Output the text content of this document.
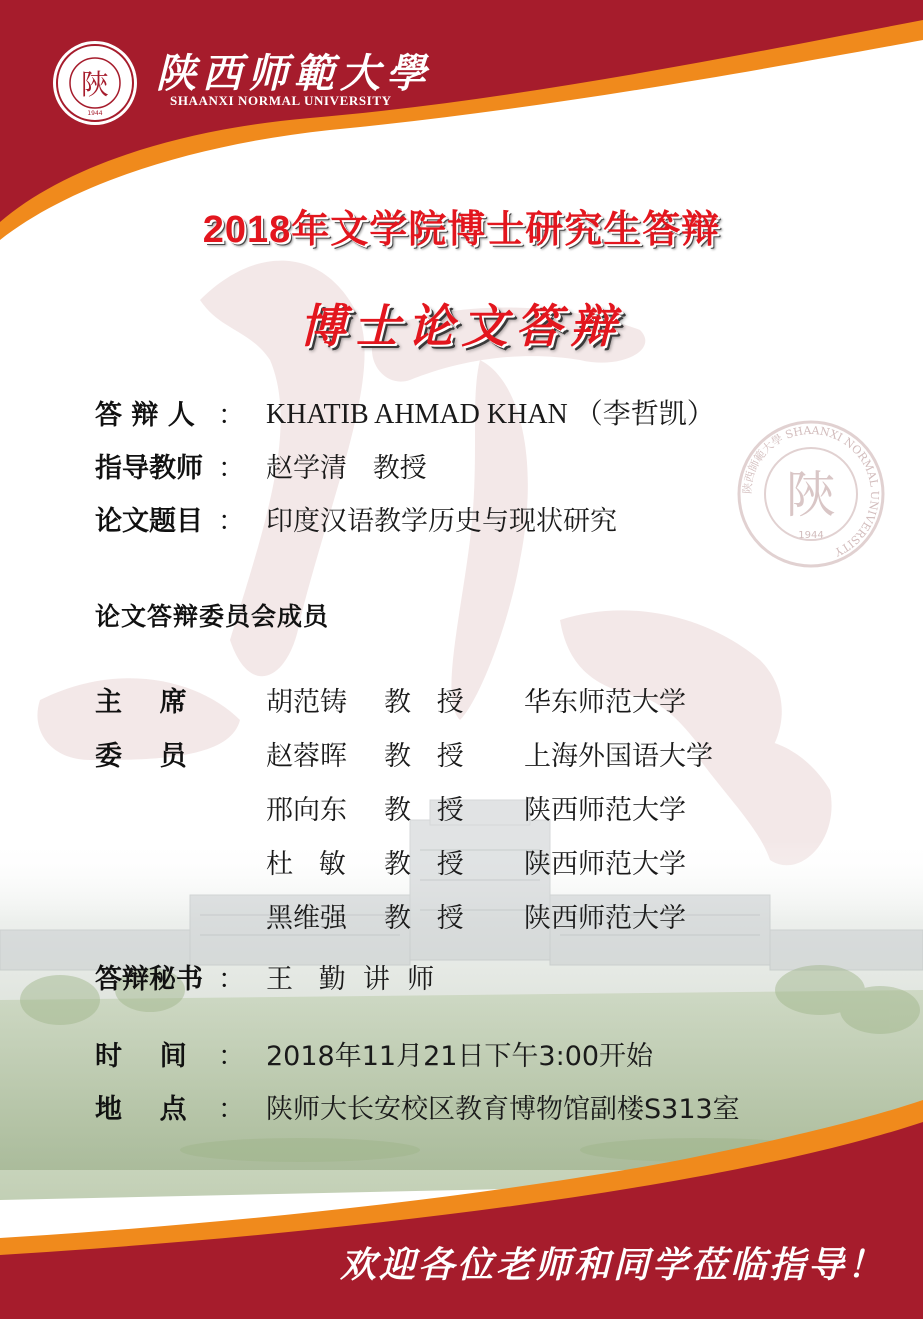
陝
1944
陕西师範大學
SHAANXI NORMAL UNIVERSITY
陕西師範大學 SHAANXI NORMAL UNIVERSITY
陝
1944
2018年文学院博士研究生答辩
博士论文答辩
答 辩 人 ： KHATIB AHMAD KHAN （李哲凯）
指导教师 ： 赵学清   教授
论文题目 ： 印度汉语教学历史与现状研究
论文答辩委员会成员
主    席
委    员
胡范铸 教   授 华东师范大学
赵蓉晖 教   授 上海外国语大学
邢向东 教   授 陕西师范大学
杜   敏 教   授 陕西师范大学
黑维强 教   授 陕西师范大学
答辩秘书 ： 王   勤  讲  师
时    间 ： 2018年11月21日下午3:00开始
地    点 ： 陕师大长安校区教育博物馆副楼S313室
欢迎各位老师和同学莅临指导！
